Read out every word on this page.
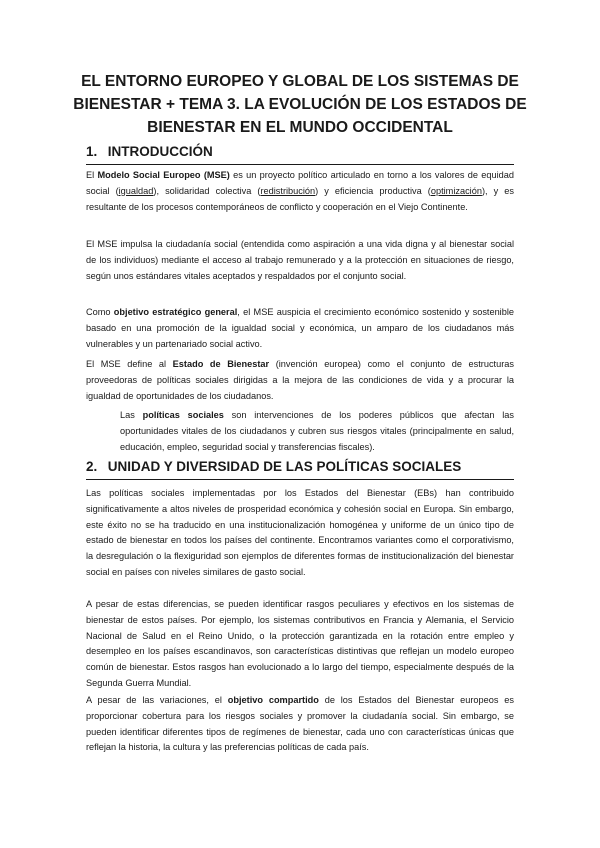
EL ENTORNO EUROPEO Y GLOBAL DE LOS SISTEMAS DE BIENESTAR + TEMA 3. LA EVOLUCIÓN DE LOS ESTADOS DE BIENESTAR EN EL MUNDO OCCIDENTAL
1. INTRODUCCIÓN

El Modelo Social Europeo (MSE) es un proyecto político articulado en torno a los valores de equidad social (igualdad), solidaridad colectiva (redistribución) y eficiencia productiva (optimización), y es resultante de los procesos contemporáneos de conflicto y cooperación en el Viejo Continente.

El MSE impulsa la ciudadanía social (entendida como aspiración a una vida digna y al bienestar social de los individuos) mediante el acceso al trabajo remunerado y a la protección en situaciones de riesgo, según unos estándares vitales aceptados y respaldados por el conjunto social.

Como objetivo estratégico general, el MSE auspicia el crecimiento económico sostenido y sostenible basado en una promoción de la igualdad social y económica, un amparo de los ciudadanos más vulnerables y un partenariado social activo.

El MSE define al Estado de Bienestar (invención europea) como el conjunto de estructuras proveedoras de políticas sociales dirigidas a la mejora de las condiciones de vida y a procurar la igualdad de oportunidades de los ciudadanos.

Las políticas sociales son intervenciones de los poderes públicos que afectan las oportunidades vitales de los ciudadanos y cubren sus riesgos vitales (principalmente en salud, educación, empleo, seguridad social y transferencias fiscales).

2. UNIDAD Y DIVERSIDAD DE LAS POLÍTICAS SOCIALES

Las políticas sociales implementadas por los Estados del Bienestar (EBs) han contribuido significativamente a altos niveles de prosperidad económica y cohesión social en Europa. Sin embargo, este éxito no se ha traducido en una institucionalización homogénea y uniforme de un único tipo de estado de bienestar en todos los países del continente. Encontramos variantes como el corporativismo, la desregulación o la flexiguridad son ejemplos de diferentes formas de institucionalización del bienestar social en países con niveles similares de gasto social.

A pesar de estas diferencias, se pueden identificar rasgos peculiares y efectivos en los sistemas de bienestar de estos países. Por ejemplo, los sistemas contributivos en Francia y Alemania, el Servicio Nacional de Salud en el Reino Unido, o la protección garantizada en la rotación entre empleo y desempleo en los países escandinavos, son características distintivas que reflejan un modelo europeo común de bienestar. Estos rasgos han evolucionado a lo largo del tiempo, especialmente después de la Segunda Guerra Mundial.

A pesar de las variaciones, el objetivo compartido de los Estados del Bienestar europeos es proporcionar cobertura para los riesgos sociales y promover la ciudadanía social. Sin embargo, se pueden identificar diferentes tipos de regímenes de bienestar, cada uno con características únicas que reflejan la historia, la cultura y las preferencias políticas de cada país.
